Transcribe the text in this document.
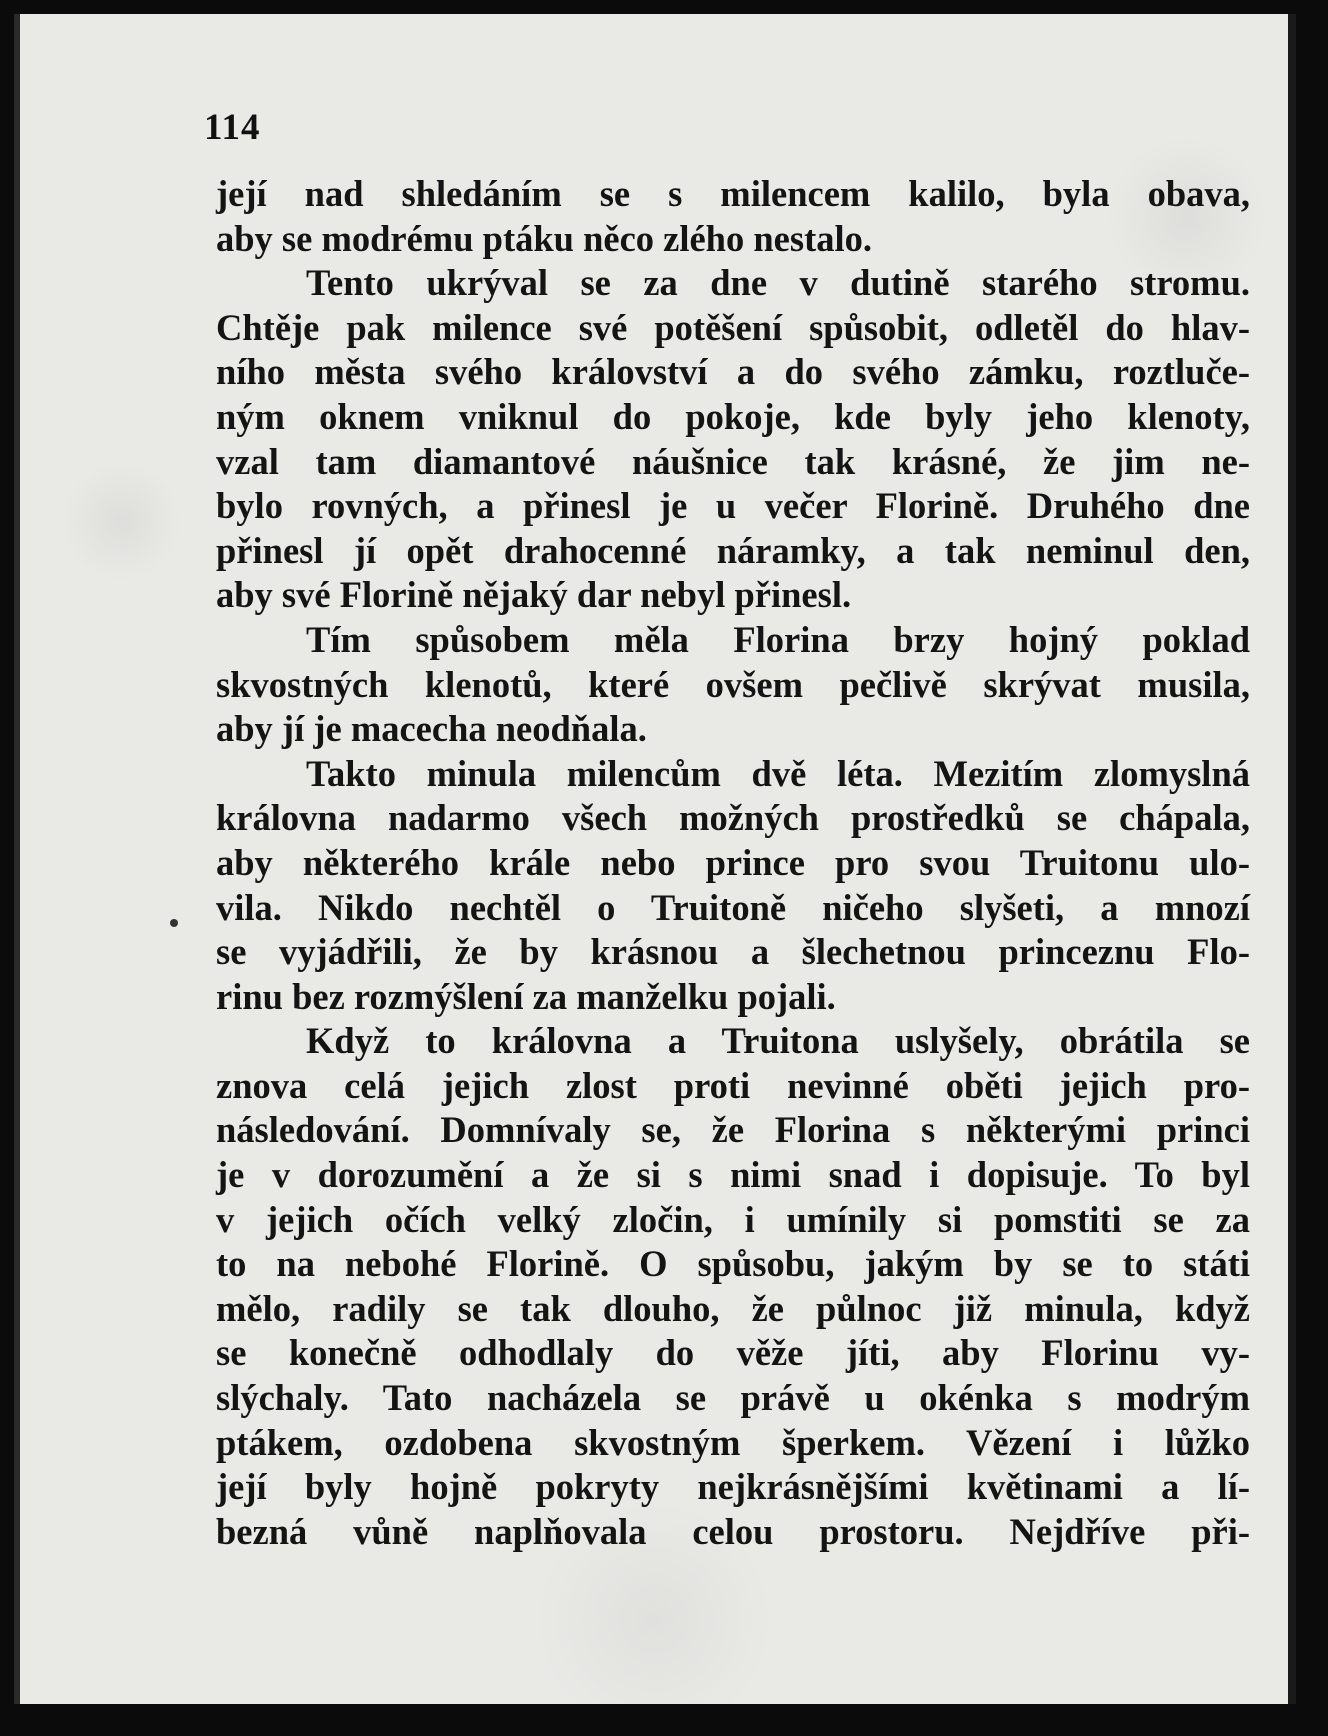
114
její nad shledáním se s milencem kalilo, byla obava,
aby se modrému ptáku něco zlého nestalo.
Tento ukrýval se za dne v dutině starého stromu.
Chtěje pak milence své potěšení spůsobit, odletěl do hlav-
ního města svého království a do svého zámku, roztluče-
ným oknem vniknul do pokoje, kde byly jeho klenoty,
vzal tam diamantové náušnice tak krásné, že jim ne-
bylo rovných, a přinesl je u večer Florině. Druhého dne
přinesl jí opět drahocenné náramky, a tak neminul den,
aby své Florině nějaký dar nebyl přinesl.
Tím spůsobem měla Florina brzy hojný poklad
skvostných klenotů, které ovšem pečlivě skrývat musila,
aby jí je macecha neodňala.
Takto minula milencům dvě léta. Mezitím zlomyslná
královna nadarmo všech možných prostředků se chápala,
aby některého krále nebo prince pro svou Truitonu ulo-
vila. Nikdo nechtěl o Truitoně ničeho slyšeti, a mnozí
se vyjádřili, že by krásnou a šlechetnou princeznu Flo-
rinu bez rozmýšlení za manželku pojali.
Když to královna a Truitona uslyšely, obrátila se
znova celá jejich zlost proti nevinné oběti jejich pro-
následování. Domnívaly se, že Florina s některými princi
je v dorozumění a že si s nimi snad i dopisuje. To byl
v jejich očích velký zločin, i umínily si pomstiti se za
to na nebohé Florině. O spůsobu, jakým by se to státi
mělo, radily se tak dlouho, že půlnoc již minula, když
se konečně odhodlaly do věže jíti, aby Florinu vy-
slýchaly. Tato nacházela se právě u okénka s modrým
ptákem, ozdobena skvostným šperkem. Vězení i lůžko
její byly hojně pokryty nejkrásnějšími květinami a lí-
bezná vůně naplňovala celou prostoru. Nejdříve při-
